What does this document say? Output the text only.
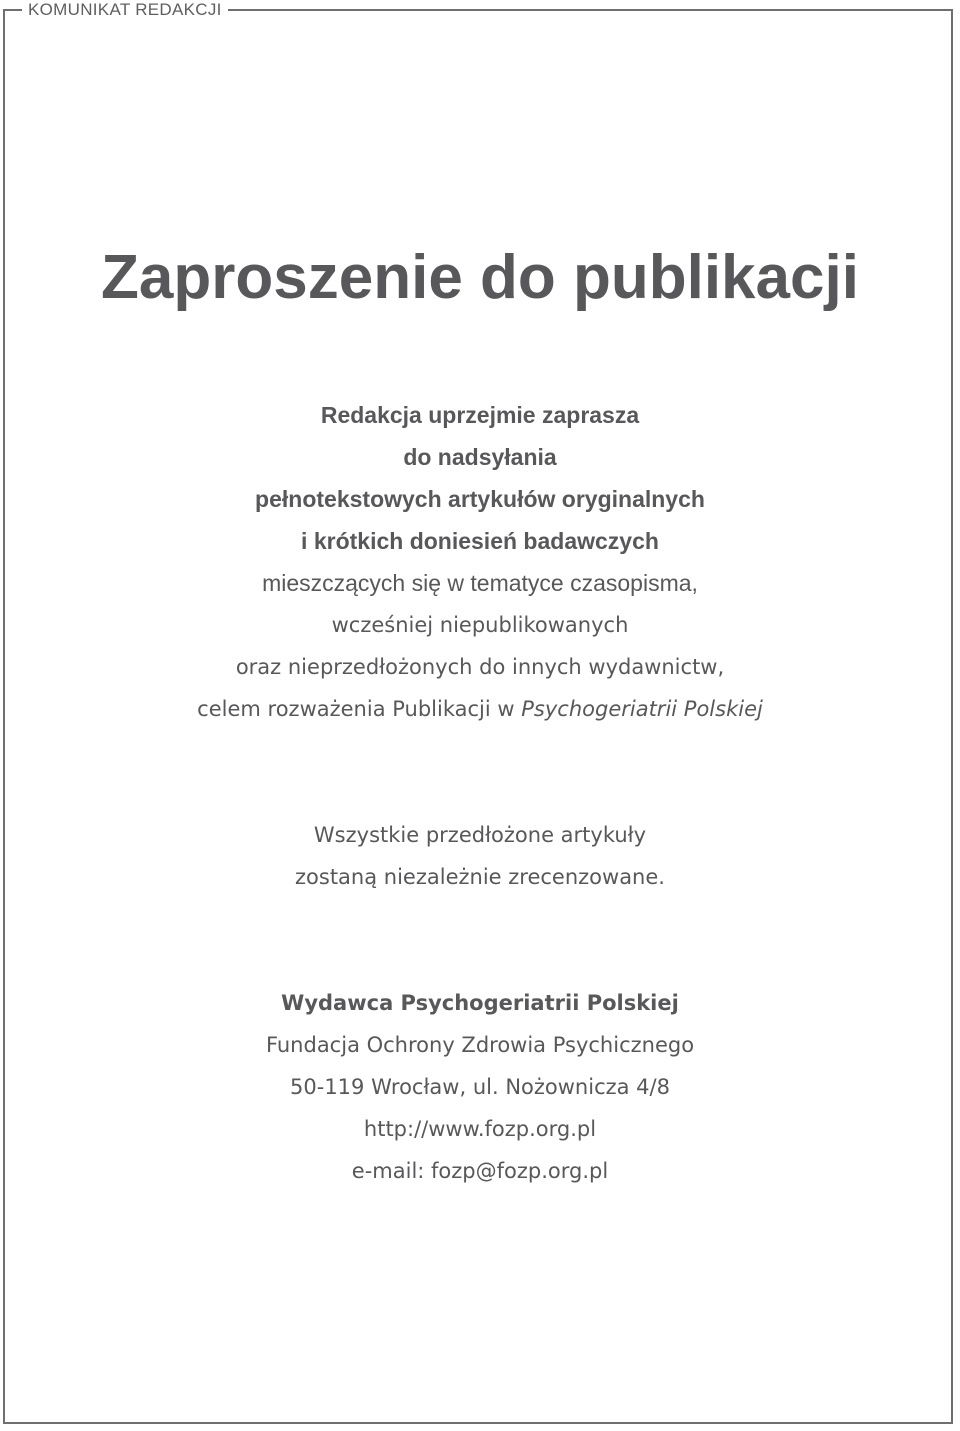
KOMUNIKAT REDAKCJI
Zaproszenie do publikacji
Redakcja uprzejmie zaprasza
do nadsyłania
pełnotekstowych artykułów oryginalnych
i krótkich doniesień badawczych
mieszczących się w tematyce czasopisma,
wcześniej niepublikowanych
oraz nieprzedłożonych do innych wydawnictw,
celem rozważenia Publikacji w Psychogeriatrii Polskiej
Wszystkie przedłożone artykuły
zostaną niezależnie zrecenzowane.
Wydawca Psychogeriatrii Polskiej
Fundacja Ochrony Zdrowia Psychicznego
50-119 Wrocław, ul. Nożownicza 4/8
http://www.fozp.org.pl
e-mail: fozp@fozp.org.pl
